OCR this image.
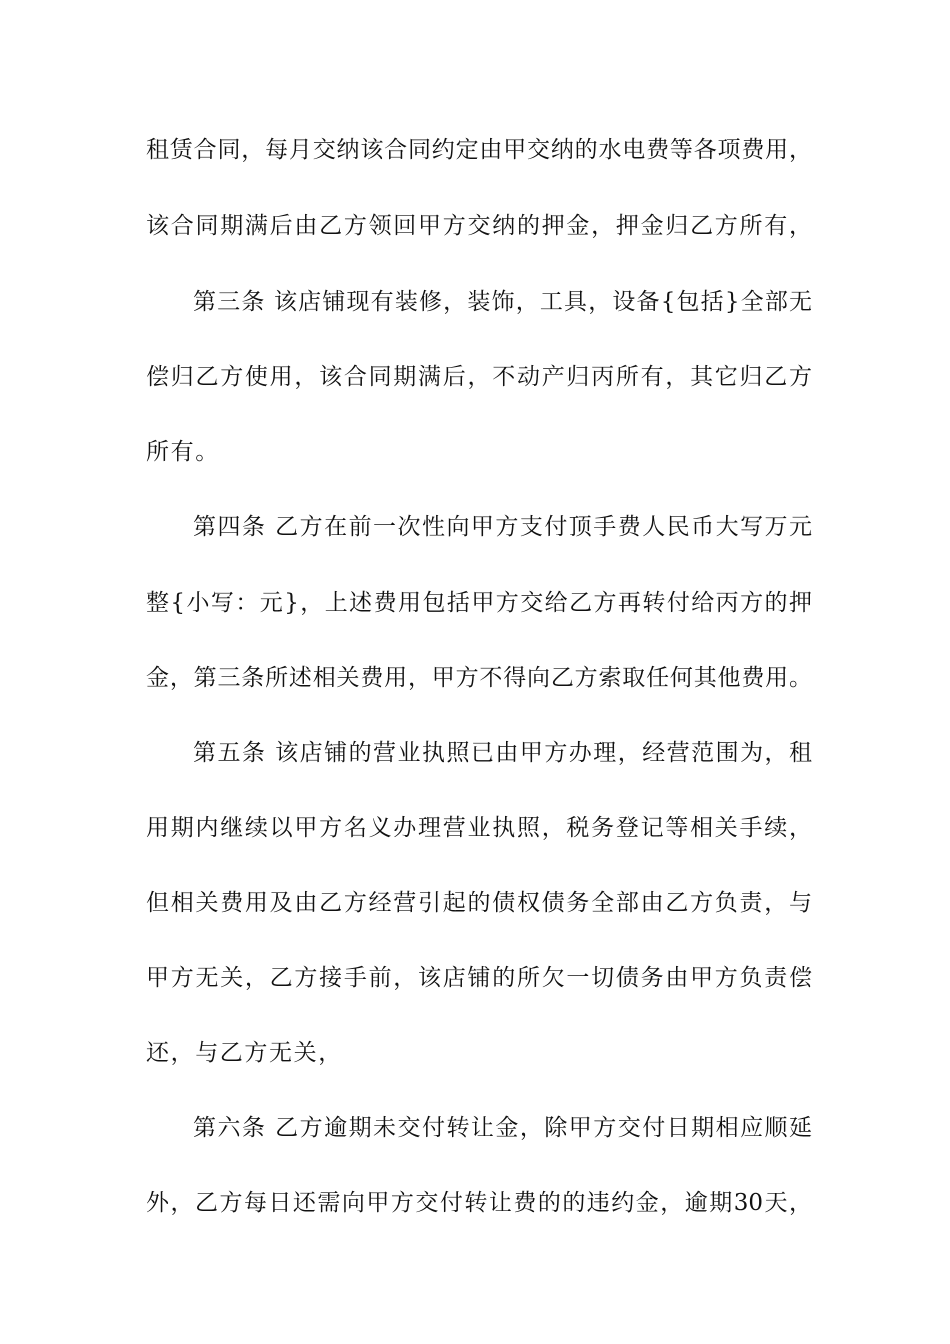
租赁合同，每月交纳该合同约定由甲交纳的水电费等各项费用，
该合同期满后由乙方领回甲方交纳的押金，押金归乙方所有，
第三条 该店铺现有装修，装饰，工具，设备{包括}全部无
偿归乙方使用，该合同期满后，不动产归丙所有，其它归乙方
所有。
第四条 乙方在前一次性向甲方支付顶手费人民币大写万元
整{小写：元}，上述费用包括甲方交给乙方再转付给丙方的押
金，第三条所述相关费用，甲方不得向乙方索取任何其他费用。
第五条 该店铺的营业执照已由甲方办理，经营范围为，租
用期内继续以甲方名义办理营业执照，税务登记等相关手续，
但相关费用及由乙方经营引起的债权债务全部由乙方负责，与
甲方无关，乙方接手前，该店铺的所欠一切债务由甲方负责偿
还，与乙方无关，
第六条 乙方逾期未交付转让金，除甲方交付日期相应顺延
外，乙方每日还需向甲方交付转让费的的违约金，逾期30天，
